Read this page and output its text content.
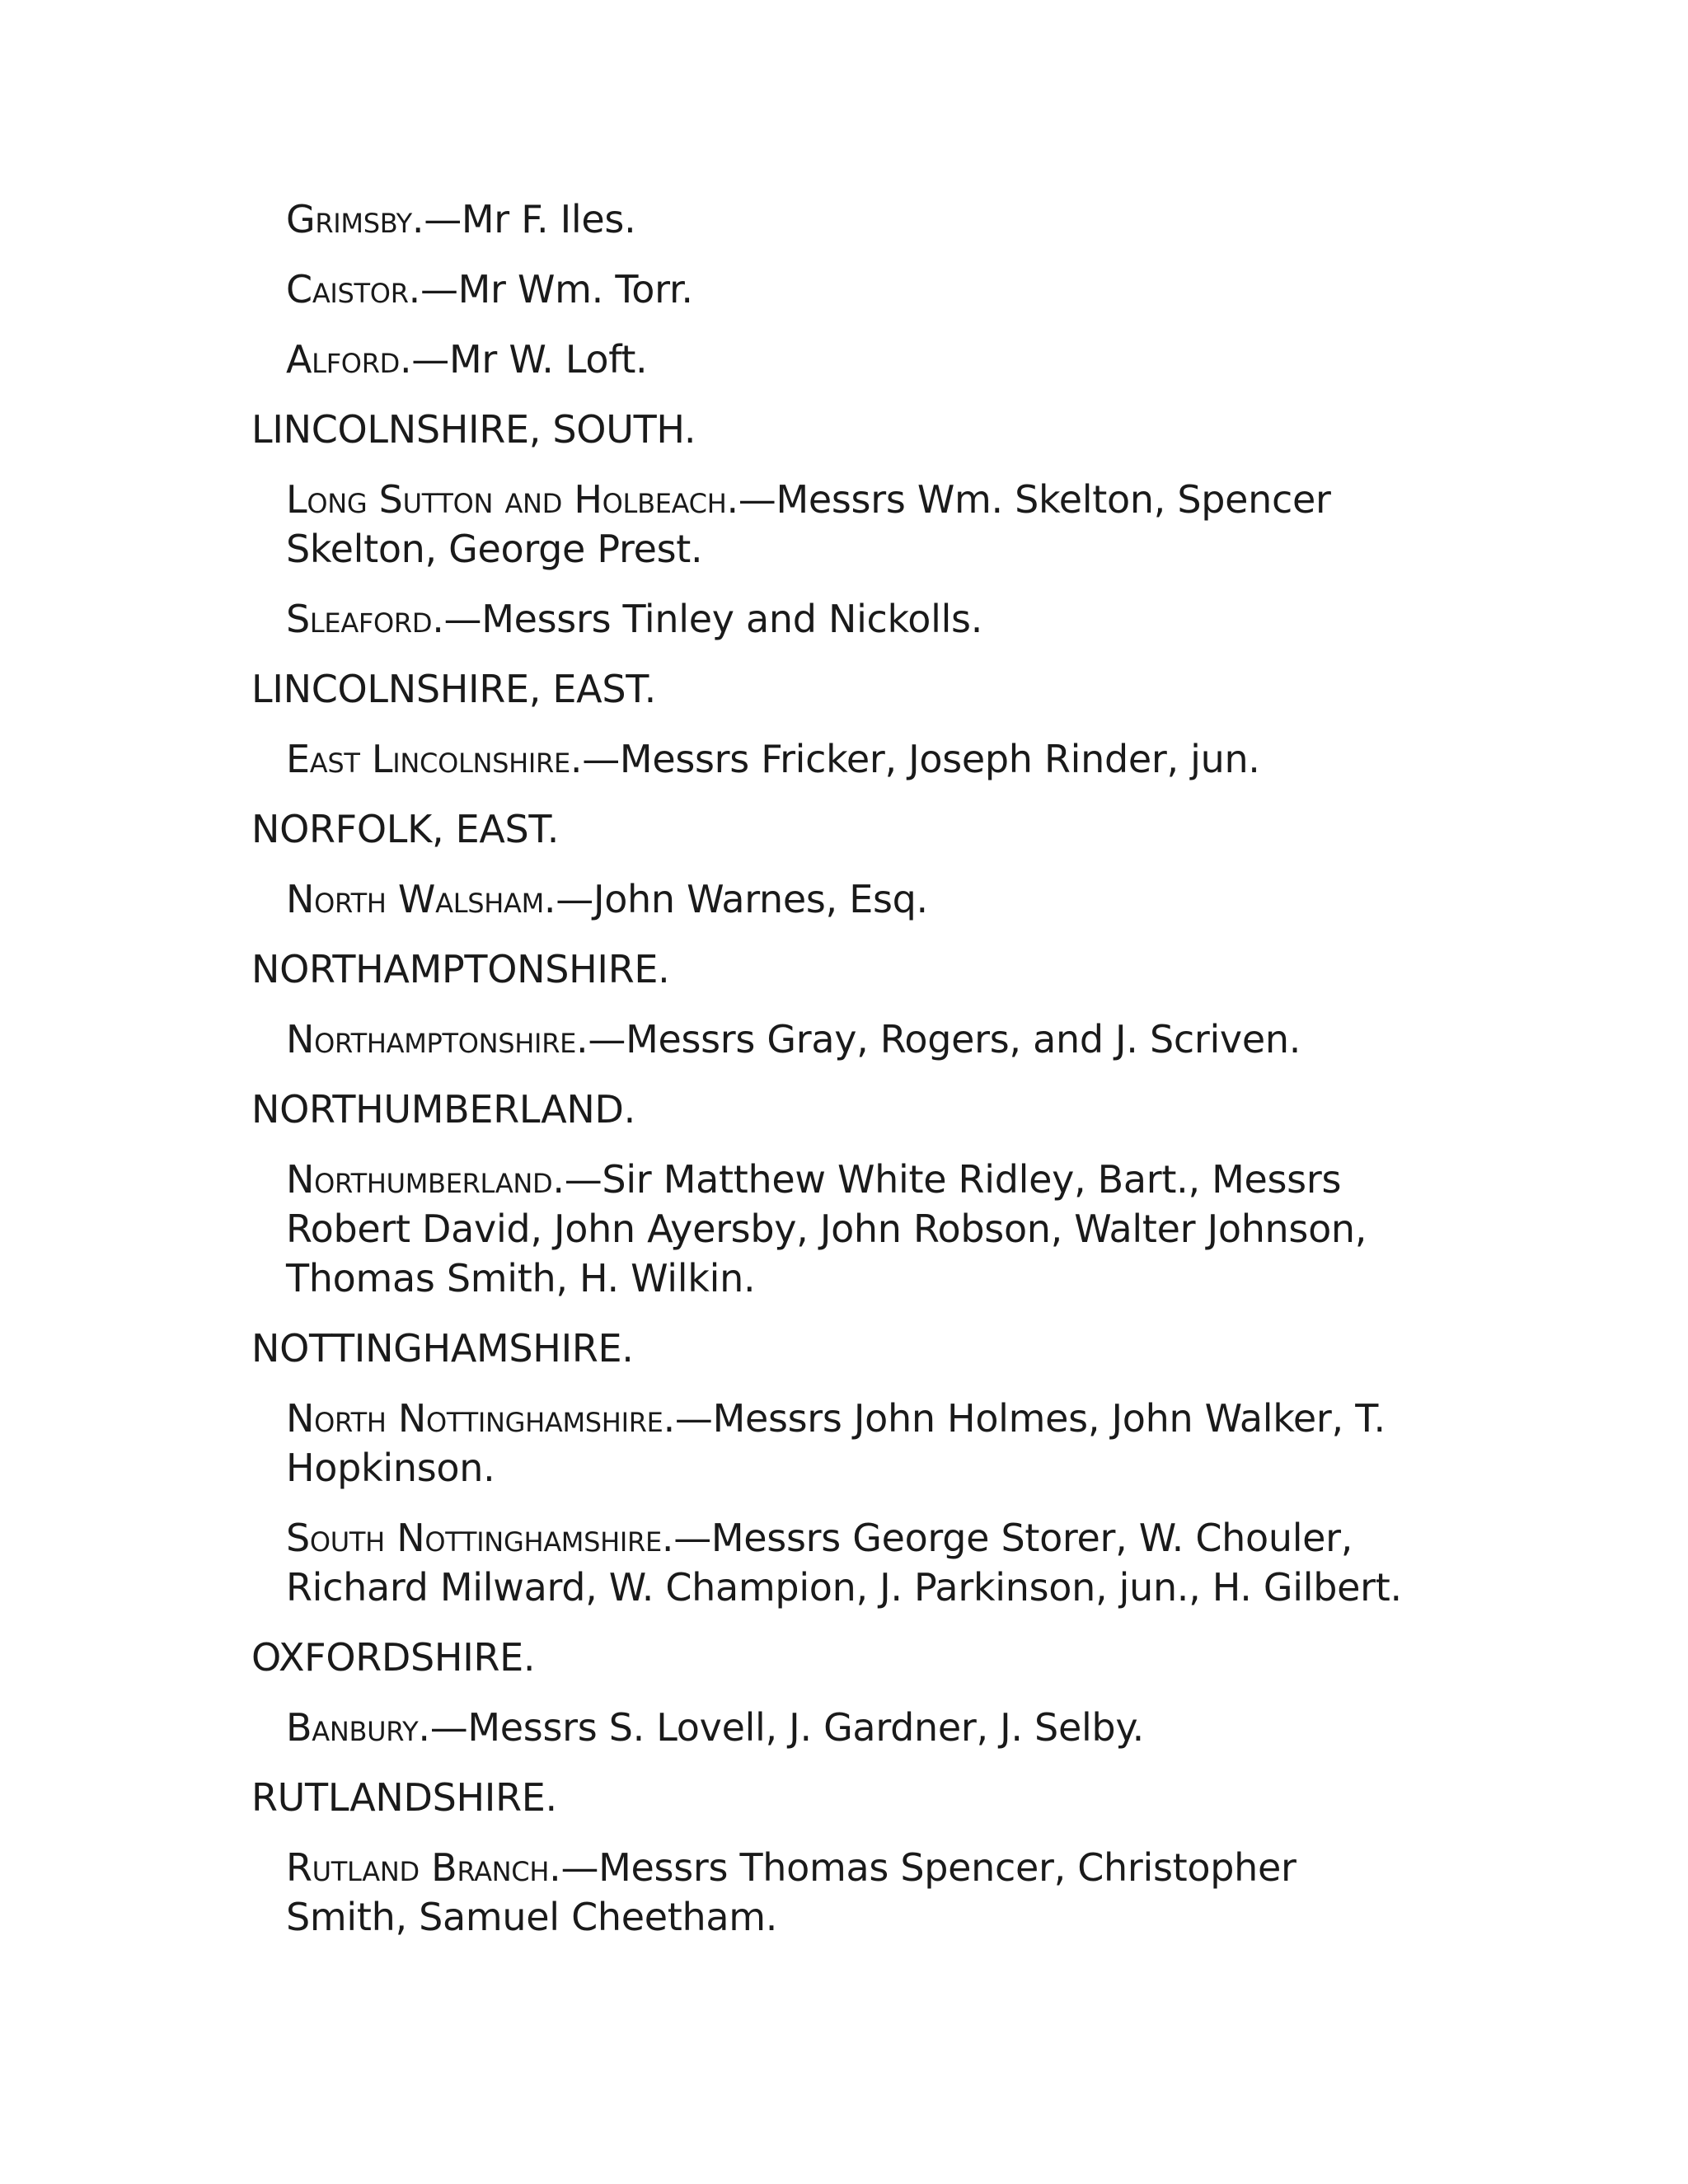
Grimsby.—Mr F. Iles.

Caistor.—Mr Wm. Torr.

Alford.—Mr W. Loft.

LINCOLNSHIRE, SOUTH.

Long Sutton and Holbeach.—Messrs Wm. Skelton, Spencer Skelton, George Prest.

Sleaford.—Messrs Tinley and Nickolls.

LINCOLNSHIRE, EAST.

East Lincolnshire.—Messrs Fricker, Joseph Rinder, jun.

NORFOLK, EAST.

North Walsham.—John Warnes, Esq.

NORTHAMPTONSHIRE.

Northamptonshire.—Messrs Gray, Rogers, and J. Scriven.

NORTHUMBERLAND.

Northumberland.—Sir Matthew White Ridley, Bart., Messrs Robert David, John Ayersby, John Robson, Walter Johnson, Thomas Smith, H. Wilkin.

NOTTINGHAMSHIRE.

North Nottinghamshire.—Messrs John Holmes, John Walker, T. Hopkinson.

South Nottinghamshire.—Messrs George Storer, W. Chouler, Richard Milward, W. Champion, J. Parkinson, jun., H. Gilbert.

OXFORDSHIRE.

Banbury.—Messrs S. Lovell, J. Gardner, J. Selby.

RUTLANDSHIRE.

Rutland Branch.—Messrs Thomas Spencer, Christopher Smith, Samuel Cheetham.
